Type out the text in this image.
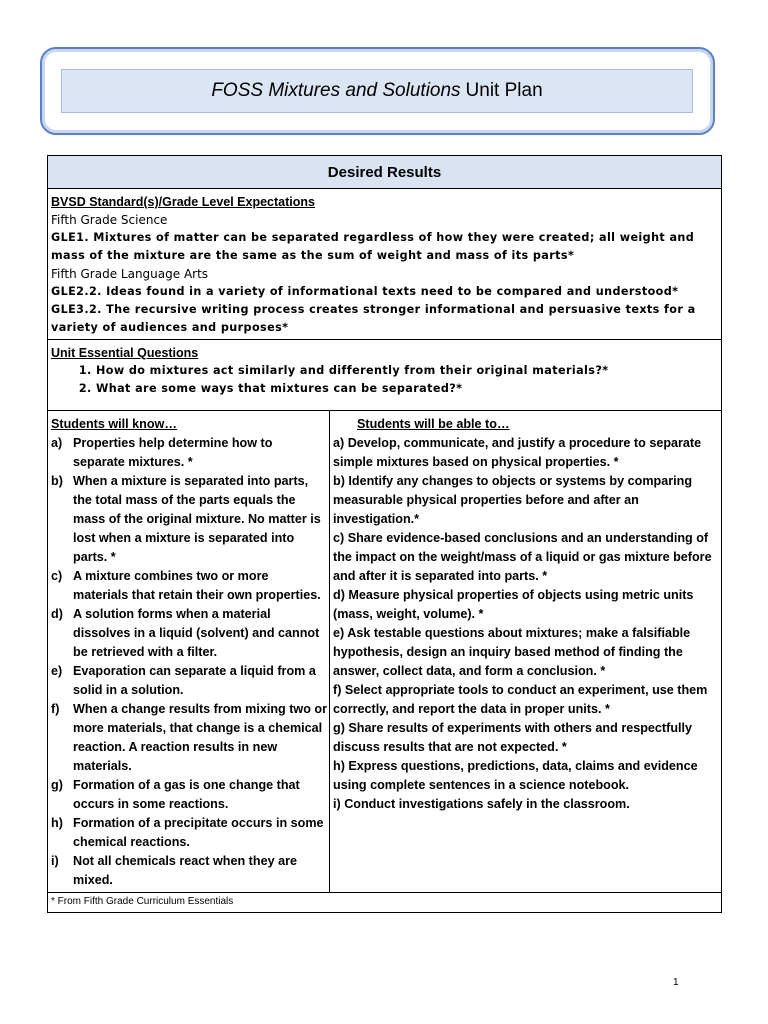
FOSS Mixtures and Solutions Unit Plan
Desired Results

BVSD Standard(s)/Grade Level Expectations
Fifth Grade Science
GLE1. Mixtures of matter can be separated regardless of how they were created; all weight and mass of the mixture are the same as the sum of weight and mass of its parts*
Fifth Grade Language Arts
GLE2.2. Ideas found in a variety of informational texts need to be compared and understood*
GLE3.2. The recursive writing process creates stronger informational and persuasive texts for a variety of audiences and purposes*

Unit Essential Questions
1. How do mixtures act similarly and differently from their original materials?*
2. What are some ways that mixtures can be separated?*

Students will know…
a) Properties help determine how to separate mixtures. *
b) When a mixture is separated into parts, the total mass of the parts equals the mass of the original mixture. No matter is lost when a mixture is separated into parts. *
c) A mixture combines two or more materials that retain their own properties.
d) A solution forms when a material dissolves in a liquid (solvent) and cannot be retrieved with a filter.
e) Evaporation can separate a liquid from a solid in a solution.
f)	When a change results from mixing two or more materials, that change is a chemical reaction. A reaction results in new materials.
g) Formation of a gas is one change that occurs in some reactions.
h) Formation of a precipitate occurs in some chemical reactions.
i)	Not all chemicals react when they are mixed.

Students will be able to…
a) Develop, communicate, and justify a procedure to separate simple mixtures based on physical properties. *
b) Identify any changes to objects or systems by comparing measurable physical properties before and after an investigation.*
c) Share evidence-based conclusions and an understanding of the impact on the weight/mass of a liquid or gas mixture before and after it is separated into parts. *
d) Measure physical properties of objects using metric units (mass, weight, volume). *
e) Ask testable questions about mixtures; make a falsifiable hypothesis, design an inquiry based method of finding the answer, collect data, and form a conclusion. *
f) Select appropriate tools to conduct an experiment, use them correctly, and report the data in proper units. *
g) Share results of experiments with others and respectfully discuss results that are not expected. *
h) Express questions, predictions, data, claims and evidence using complete sentences in a science notebook.
i) Conduct investigations safely in the classroom.

* From Fifth Grade Curriculum Essentials
1
